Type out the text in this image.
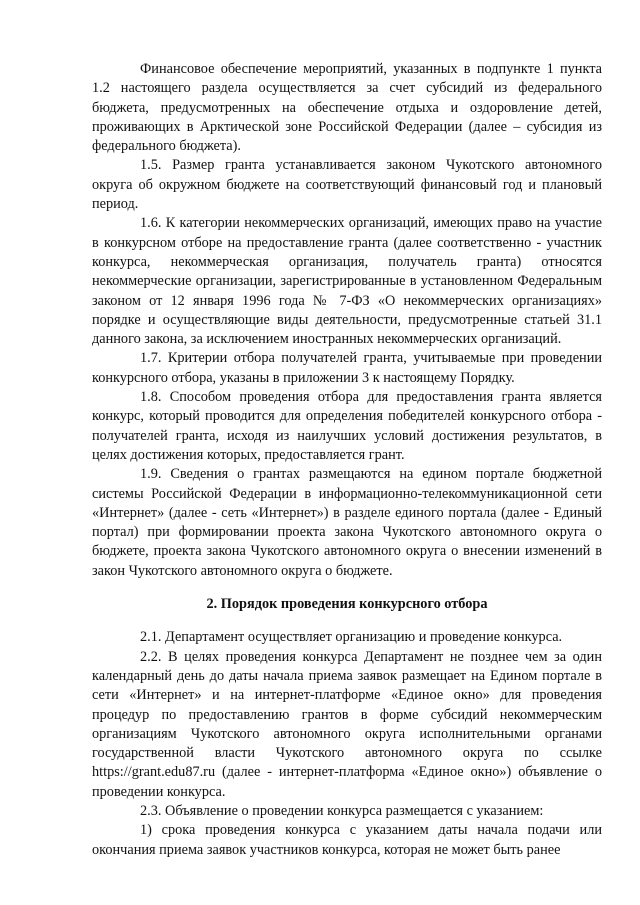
Финансовое обеспечение мероприятий, указанных в подпункте 1 пункта 1.2 настоящего раздела осуществляется за счет субсидий из федерального бюджета, предусмотренных на обеспечение отдыха и оздоровление детей, проживающих в Арктической зоне Российской Федерации (далее – субсидия из федерального бюджета).

1.5. Размер гранта устанавливается законом Чукотского автономного округа об окружном бюджете на соответствующий финансовый год и плановый период.

1.6. К категории некоммерческих организаций, имеющих право на участие в конкурсном отборе на предоставление гранта (далее соответственно - участник конкурса, некоммерческая организация, получатель гранта) относятся некоммерческие организации, зарегистрированные в установленном Федеральным законом от 12 января 1996 года № 7-ФЗ «О некоммерческих организациях» порядке и осуществляющие виды деятельности, предусмотренные статьей 31.1 данного закона, за исключением иностранных некоммерческих организаций.

1.7. Критерии отбора получателей гранта, учитываемые при проведении конкурсного отбора, указаны в приложении 3 к настоящему Порядку.

1.8. Способом проведения отбора для предоставления гранта является конкурс, который проводится для определения победителей конкурсного отбора - получателей гранта, исходя из наилучших условий достижения результатов, в целях достижения которых, предоставляется грант.

1.9. Сведения о грантах размещаются на едином портале бюджетной системы Российской Федерации в информационно-телекоммуникационной сети «Интернет» (далее - сеть «Интернет») в разделе единого портала (далее - Единый портал) при формировании проекта закона Чукотского автономного округа о бюджете, проекта закона Чукотского автономного округа о внесении изменений в закон Чукотского автономного округа о бюджете.

2. Порядок проведения конкурсного отбора

2.1. Департамент осуществляет организацию и проведение конкурса.

2.2. В целях проведения конкурса Департамент не позднее чем за один календарный день до даты начала приема заявок размещает на Едином портале в сети «Интернет» и на интернет-платформе «Единое окно» для проведения процедур по предоставлению грантов в форме субсидий некоммерческим организациям Чукотского автономного округа исполнительными органами государственной власти Чукотского автономного округа по ссылке https://grant.edu87.ru (далее - интернет-платформа «Единое окно») объявление о проведении конкурса.

2.3. Объявление о проведении конкурса размещается с указанием:

1) срока проведения конкурса с указанием даты начала подачи или окончания приема заявок участников конкурса, которая не может быть ранее
